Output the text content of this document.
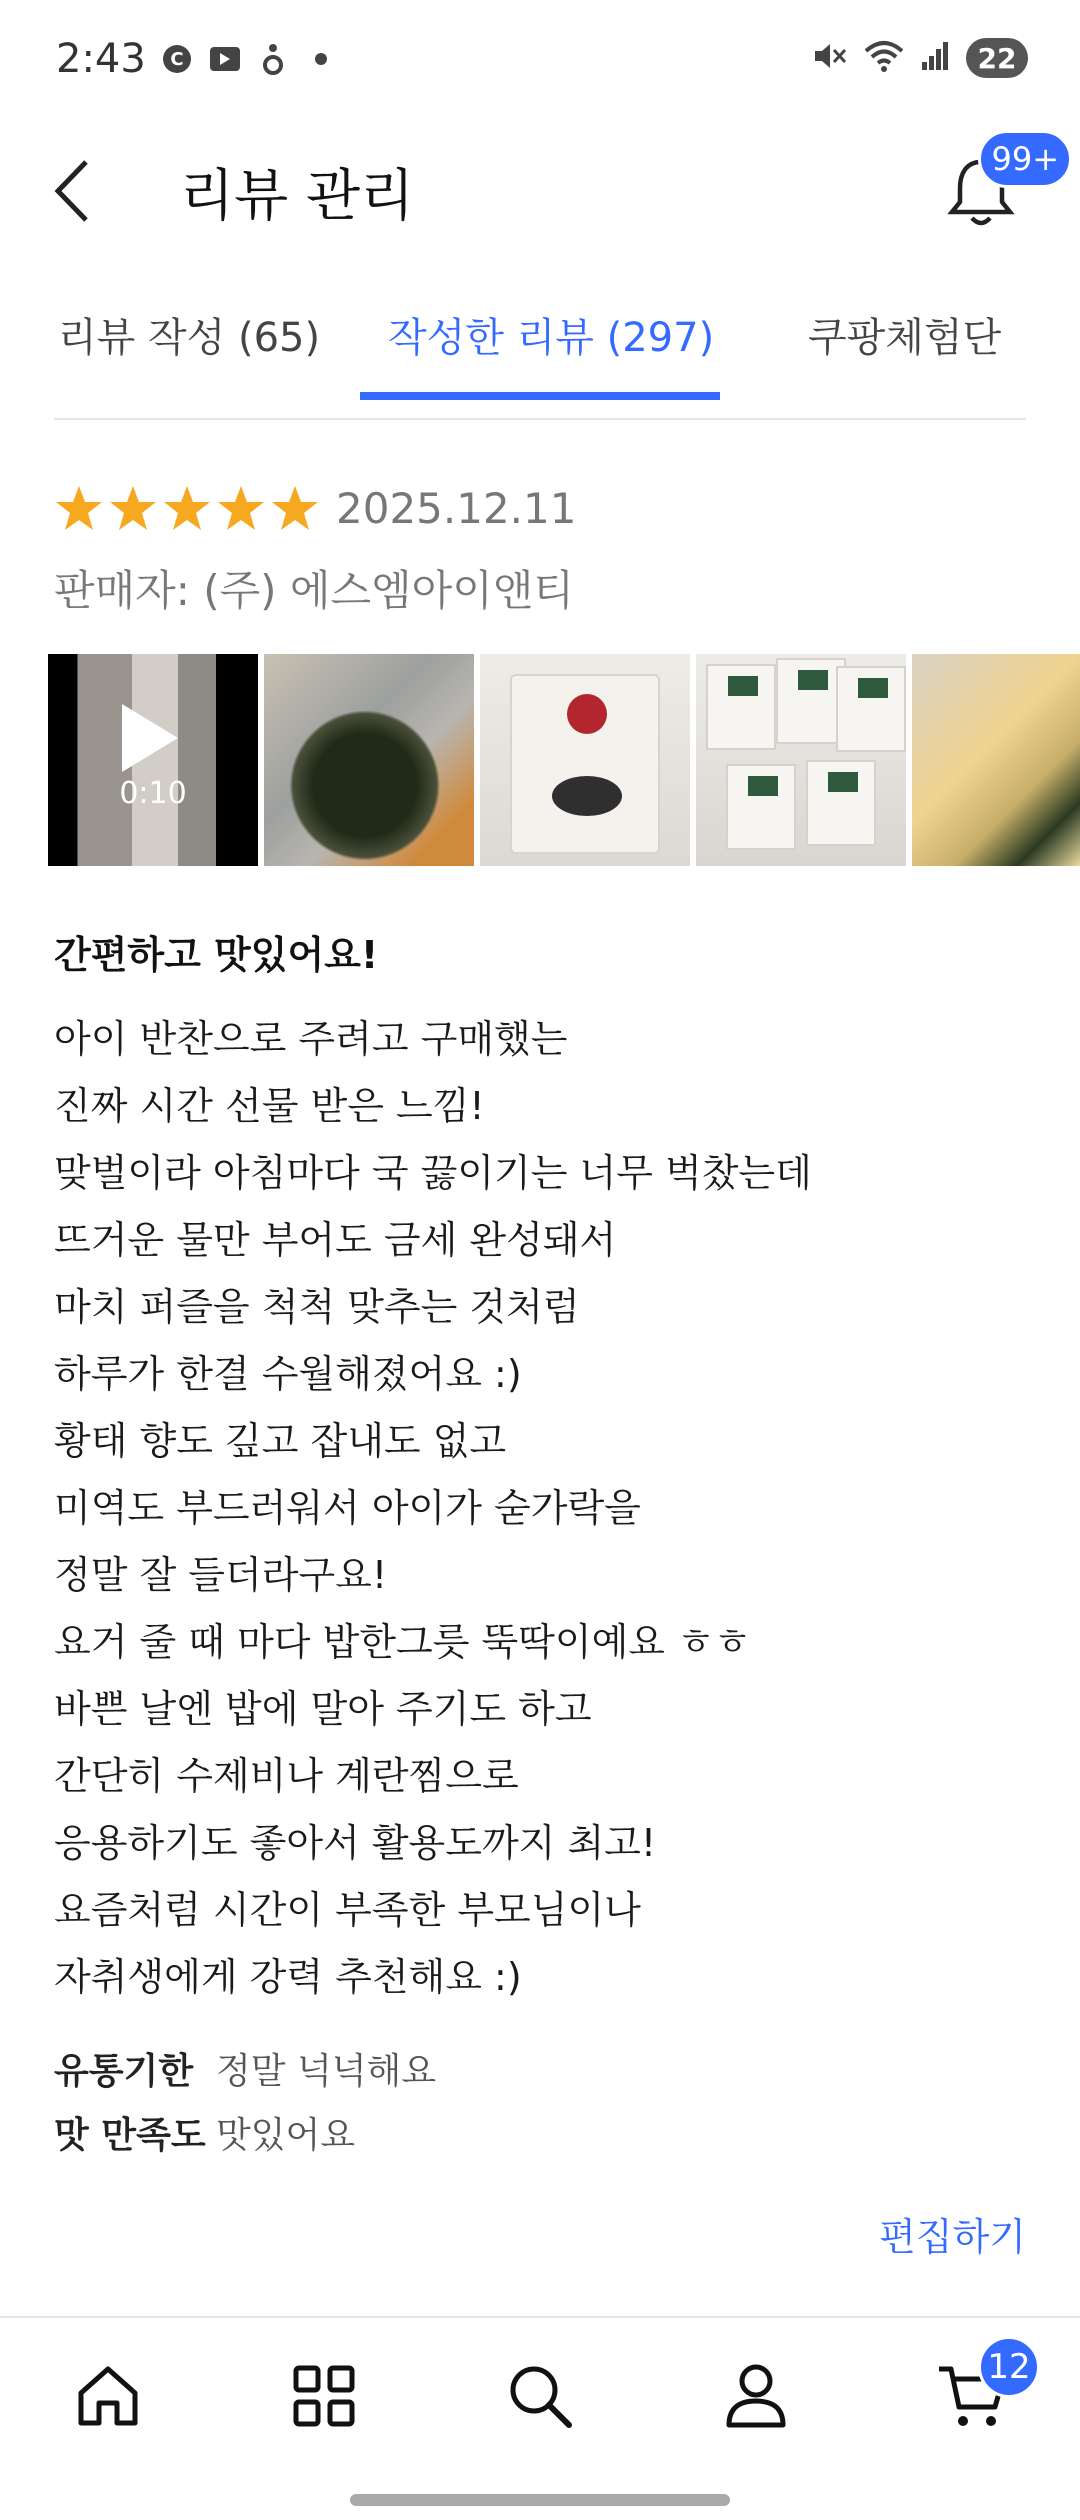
2:43 C	22
리뷰 관리
99+
리뷰 작성 (65) 작성한 리뷰 (297) 쿠팡체험단
2025.12.11
판매자: (주) 에스엠아이앤티
0:10
간편하고 맛있어요!
아이 반찬으로 주려고 구매했는
진짜 시간 선물 받은 느낌!
맞벌이라 아침마다 국 끓이기는 너무 벅찼는데
뜨거운 물만 부어도 금세 완성돼서
마치 퍼즐을 척척 맞추는 것처럼
하루가 한결 수월해졌어요 :)
황태 향도 깊고 잡내도 없고
미역도 부드러워서 아이가 숟가락을
정말 잘 들더라구요!
요거 줄 때 마다 밥한그릇 뚝딱이예요 ㅎㅎ
바쁜 날엔 밥에 말아 주기도 하고
간단히 수제비나 계란찜으로
응용하기도 좋아서 활용도까지 최고!
요즘처럼 시간이 부족한 부모님이나
자취생에게 강력 추천해요 :)
유통기한 정말 넉넉해요
맛 만족도 맛있어요
편집하기
12
